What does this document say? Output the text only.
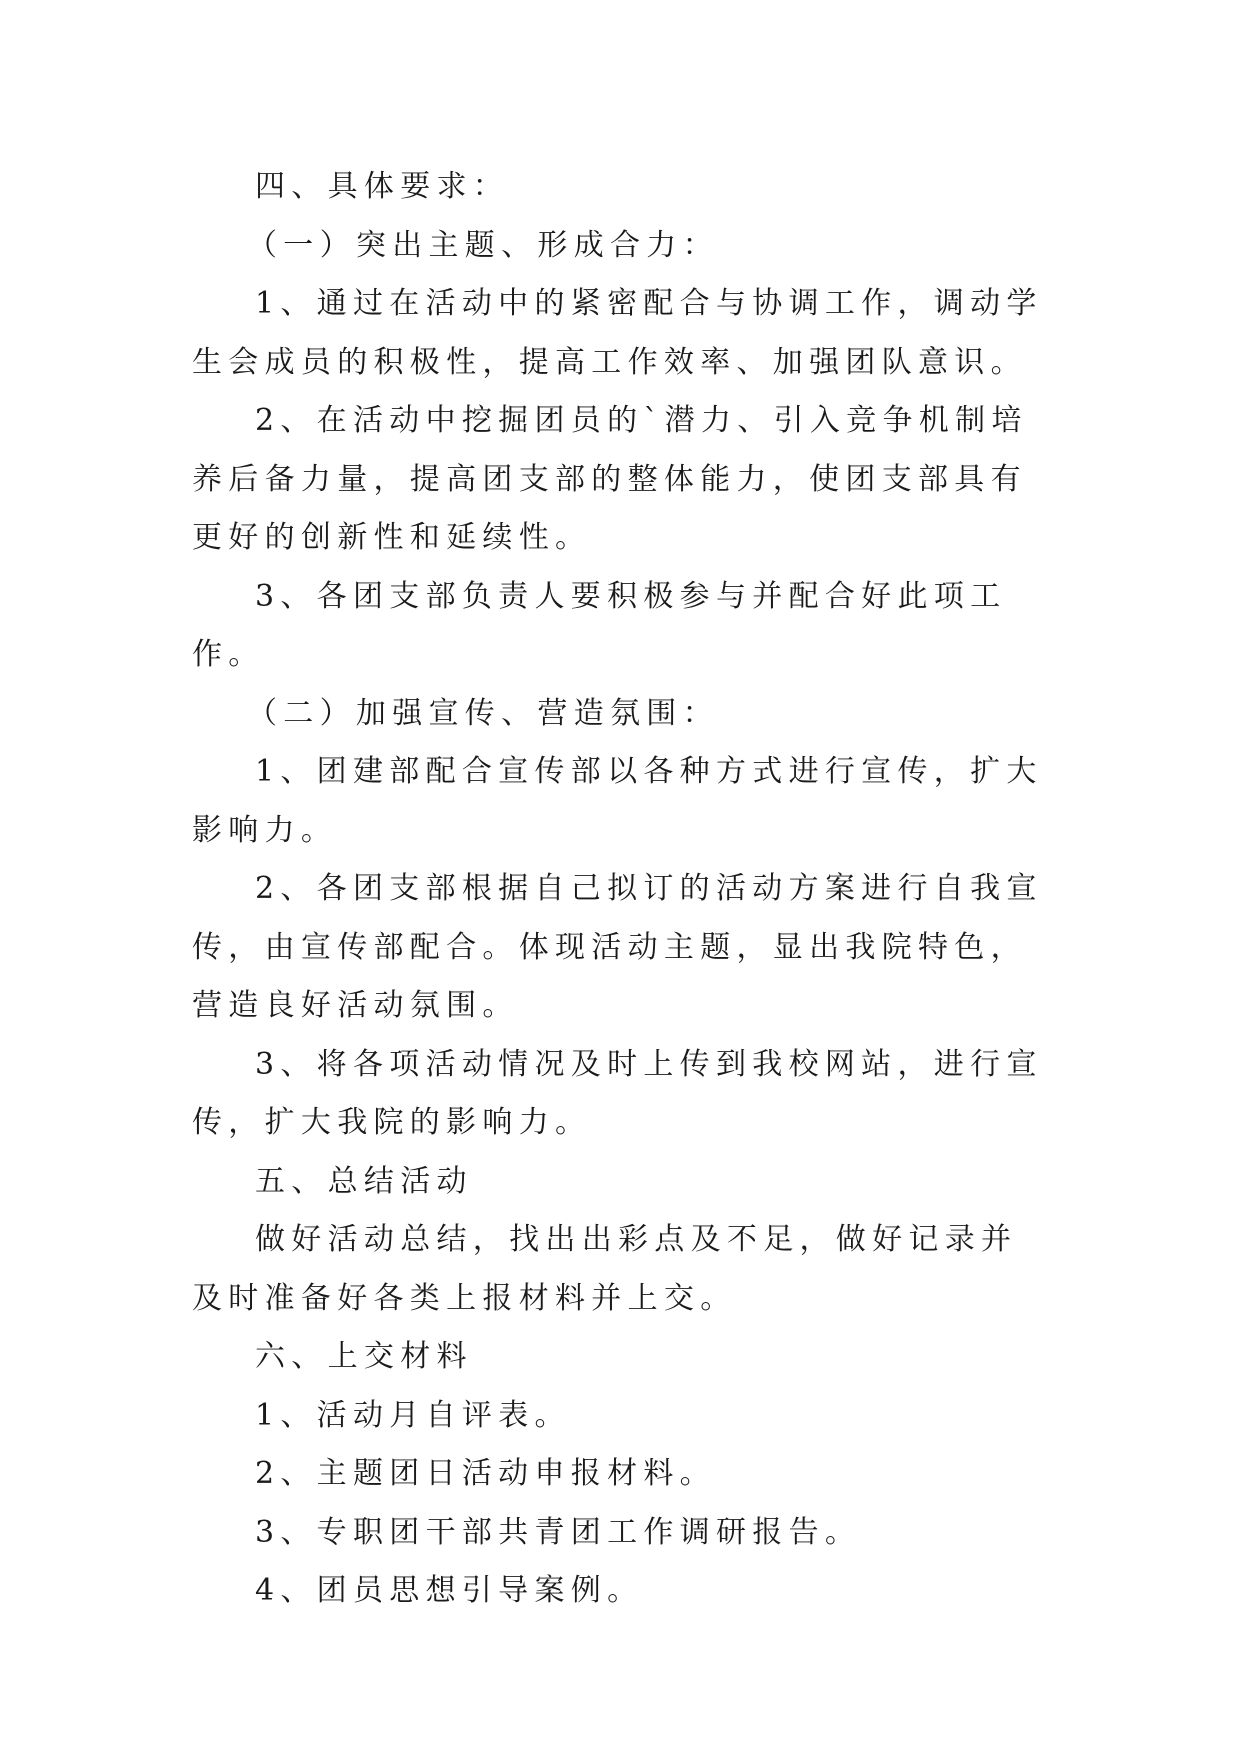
四、具体要求：

（一）突出主题、形成合力：

1、通过在活动中的紧密配合与协调工作，调动学生会成员的积极性，提高工作效率、加强团队意识。

2、在活动中挖掘团员的`潜力、引入竞争机制培养后备力量，提高团支部的整体能力，使团支部具有更好的创新性和延续性。

3、各团支部负责人要积极参与并配合好此项工作。

（二）加强宣传、营造氛围：

1、团建部配合宣传部以各种方式进行宣传，扩大影响力。

2、各团支部根据自己拟订的活动方案进行自我宣传，由宣传部配合。体现活动主题，显出我院特色，营造良好活动氛围。

3、将各项活动情况及时上传到我校网站，进行宣传，扩大我院的影响力。

五、总结活动

做好活动总结，找出出彩点及不足，做好记录并及时准备好各类上报材料并上交。

六、上交材料

1、活动月自评表。

2、主题团日活动申报材料。

3、专职团干部共青团工作调研报告。

4、团员思想引导案例。
